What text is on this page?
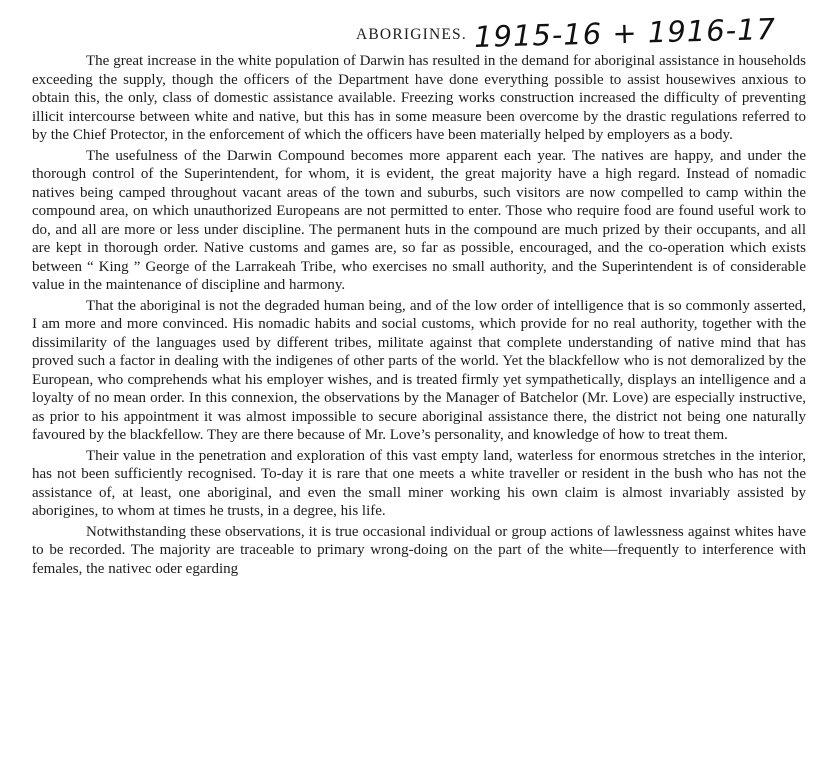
ABORIGINES. 1915-16 + 1916-17

The great increase in the white population of Darwin has resulted in the demand for aboriginal assistance in households exceeding the supply, though the officers of the Department have done everything possible to assist housewives anxious to obtain this, the only, class of domestic assistance available. Freezing works construction increased the difficulty of preventing illicit intercourse between white and native, but this has in some measure been overcome by the drastic regulations referred to by the Chief Protector, in the enforcement of which the officers have been materially helped by employers as a body.

The usefulness of the Darwin Compound becomes more apparent each year. The natives are happy, and under the thorough control of the Superintendent, for whom, it is evident, the great majority have a high regard. Instead of nomadic natives being camped throughout vacant areas of the town and suburbs, such visitors are now compelled to camp within the compound area, on which unauthorized Europeans are not permitted to enter. Those who require food are found useful work to do, and all are more or less under discipline. The permanent huts in the compound are much prized by their occupants, and all are kept in thorough order. Native customs and games are, so far as possible, encouraged, and the co-operation which exists between “ King ” George of the Larrakeah Tribe, who exercises no small authority, and the Superintendent is of considerable value in the maintenance of discipline and harmony.

That the aboriginal is not the degraded human being, and of the low order of intelligence that is so commonly asserted, I am more and more convinced. His nomadic habits and social customs, which provide for no real authority, together with the dissimilarity of the languages used by different tribes, militate against that complete understanding of native mind that has proved such a factor in dealing with the indigenes of other parts of the world. Yet the blackfellow who is not demoralized by the European, who comprehends what his employer wishes, and is treated firmly yet sympathetically, displays an intelligence and a loyalty of no mean order. In this connexion, the observations by the Manager of Batchelor (Mr. Love) are especially instructive, as prior to his appointment it was almost impossible to secure aboriginal assistance there, the district not being one naturally favoured by the blackfellow. They are there because of Mr. Love’s personality, and knowledge of how to treat them.

Their value in the penetration and exploration of this vast empty land, waterless for enormous stretches in the interior, has not been sufficiently recognised. To-day it is rare that one meets a white traveller or resident in the bush who has not the assistance of, at least, one aboriginal, and even the small miner working his own claim is almost invariably assisted by aborigines, to whom at times he trusts, in a degree, his life.

Notwithstanding these observations, it is true occasional individual or group actions of lawlessness against whites have to be recorded. The majority are traceable to primary wrong-doing on the part of the white—frequently to interference with females, the nativec oder egarding
